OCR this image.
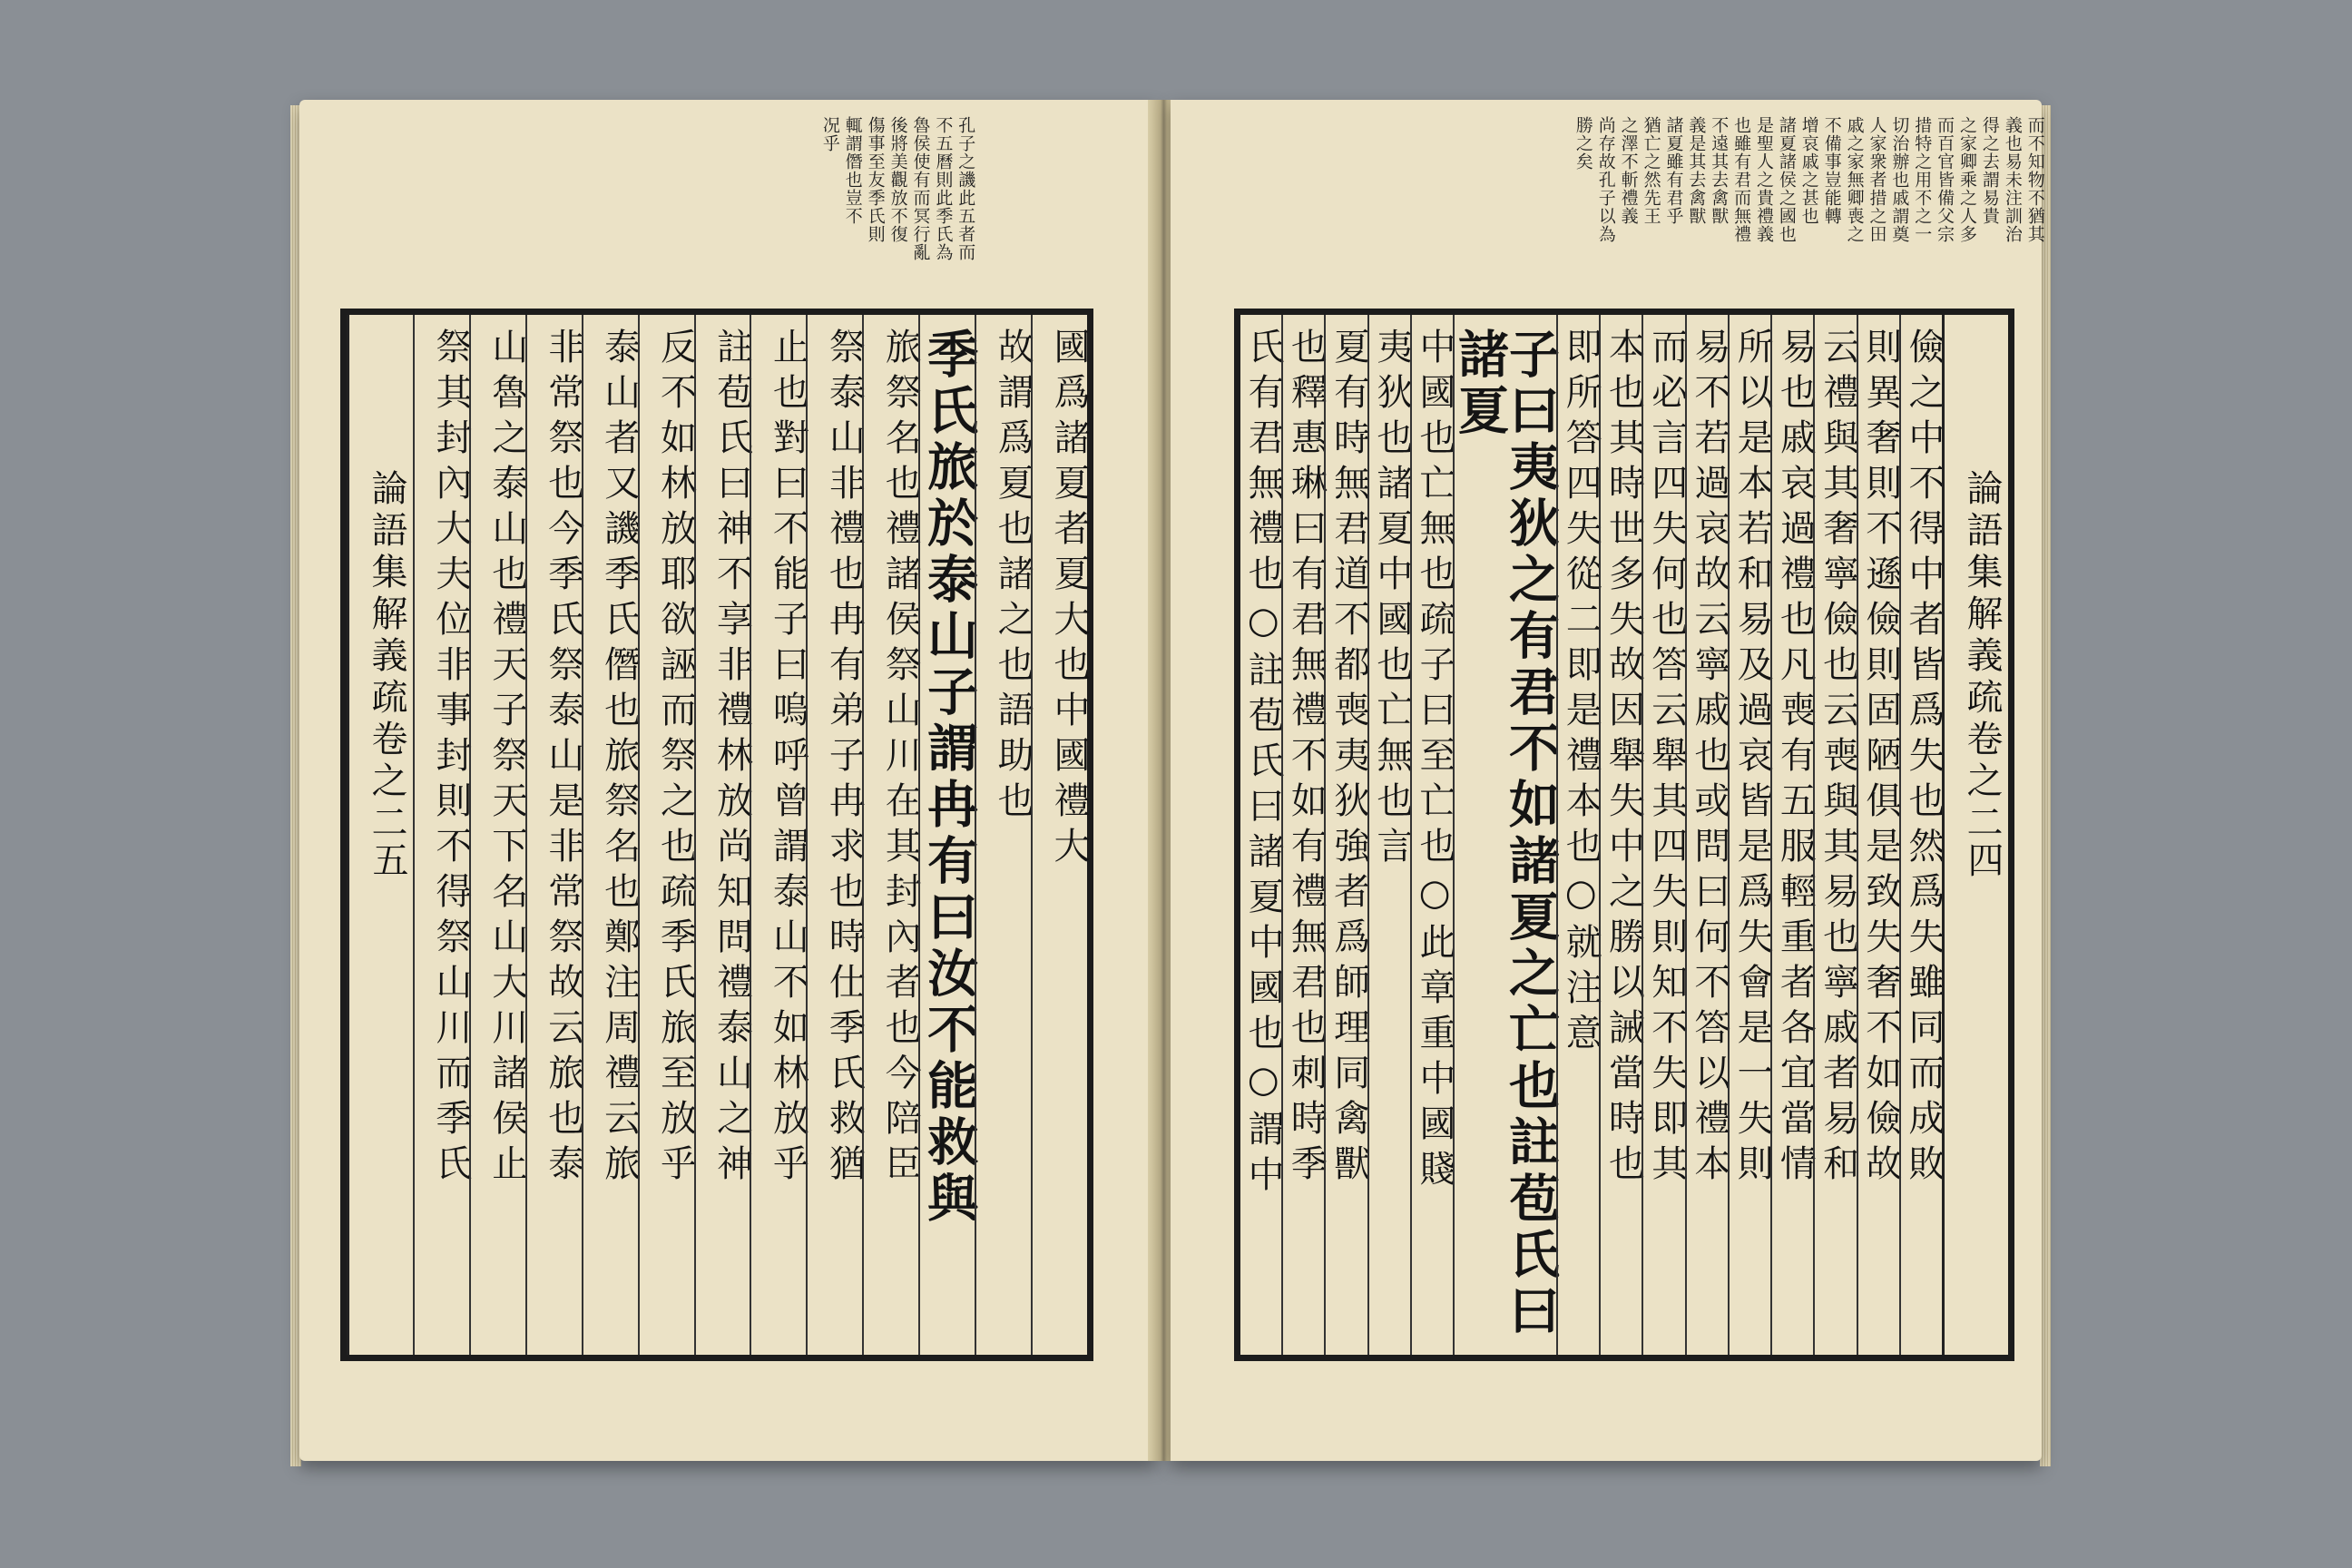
孔子之譏此五者而
不五曆則此季氏為
魯侯使有而冥行亂
後將美觀放不復
傷事至友季氏則
輒謂僭也豈不
况乎
國爲諸夏者夏大也中國禮大
故謂爲夏也諸之也語助也
季氏旅於泰山子謂冉有曰汝不能救與
旅祭名也禮諸侯祭山川在其封內者也今陪臣
祭泰山非禮也冉有弟子冉求也時仕季氏救猶
止也對曰不能子曰嗚呼曾謂泰山不如林放乎
註苞氏曰神不享非禮林放尚知問禮泰山之神
反不如林放耶欲誣而祭之也疏季氏旅至放乎
泰山者又譏季氏僭也旅祭名也鄭注周禮云旅
非常祭也今季氏祭泰山是非常祭故云旅也泰
山魯之泰山也禮天子祭天下名山大川諸侯止
祭其封內大夫位非事封則不得祭山川而季氏
論語集解義疏卷之二
五
而不知物不猶其
義也易未注訓治
得之去謂易貴
之家卿乘之人多
而百官皆備父宗
措特之用不之一
切治辦也戚謂奠
人家衆者措之田
戚之家無卿喪之
不備事豈能轉
增哀戚之甚也
諸夏諸侯之國也
是聖人之貴禮義
也雖有君而無禮
不遠其去禽獸
義是其去禽獸
諸夏雖有君乎
猶亡之然先王
之澤不斬禮義
尚存故孔子以為
勝之矣
論語集解義疏卷之二
四
儉之中不得中者皆爲失也然爲失雖同而成敗
則異奢則不遜儉則固陋俱是致失奢不如儉故
云禮與其奢寧儉也云喪與其易也寧戚者易和
易也戚哀過禮也凡喪有五服輕重者各宜當情
所以是本若和易及過哀皆是爲失會是一失則
易不若過哀故云寧戚也或問曰何不答以禮本
而必言四失何也答云舉其四失則知不失即其
本也其時世多失故因舉失中之勝以誡當時也
即所答四失從二即是禮本也○就注意
子曰夷狄之有君不如諸夏之亡也註苞氏曰諸夏
中國也亡無也疏子曰至亡也○此章重中國賤
夷狄也諸夏中國也亡無也言
夏有時無君道不都喪夷狄強者爲師理同禽獸
也釋惠琳曰有君無禮不如有禮無君也刺時季
氏有君無禮也○註苞氏曰諸夏中國也○謂中
